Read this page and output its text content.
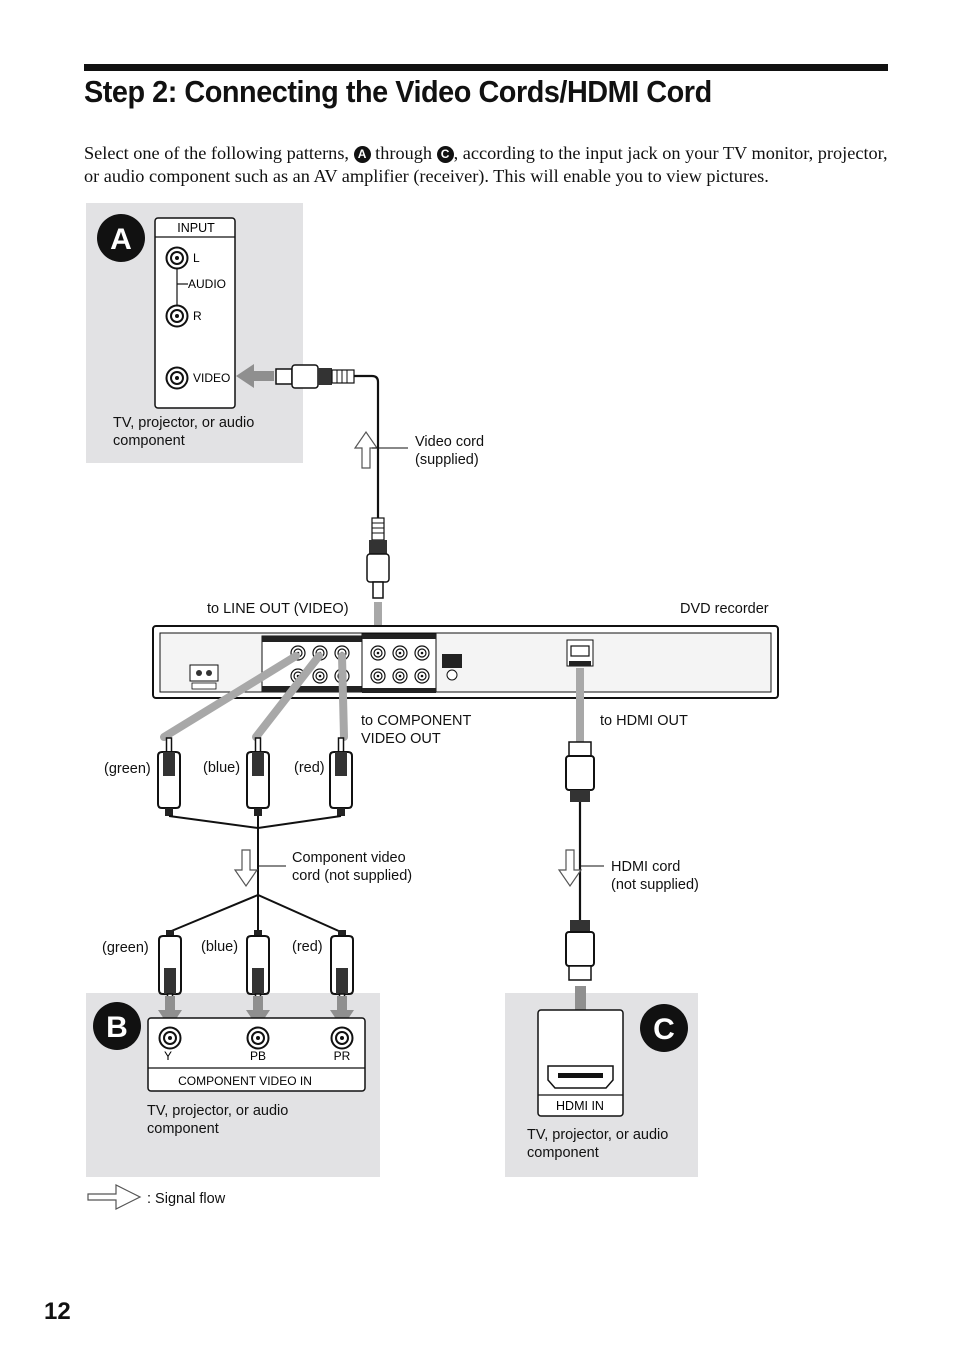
Step 2: Connecting the Video Cords/HDMI Cord
Select one of the following patterns, A through C , according to the input jack on your TV monitor, projector, or audio component such as an AV amplifier (receiver). This will enable you to view pictures.
A
B	C
INPUT
L
AUDIO
R
VIDEO
Y	PB	PR
COMPONENT VIDEO IN
HDMI IN
TV, projector, or audio
component	Video cord
(supplied)
to LINE OUT (VIDEO)	DVD recorder
to COMPONENT
VIDEO OUT
to HDMI OUT
(green)	(blue)	(red)
Component video
cord (not supplied)
HDMI cord
(not supplied)
(green)	(blue)	(red)
TV, projector, or audio
component	TV, projector, or audio
component
: Signal flow
12
